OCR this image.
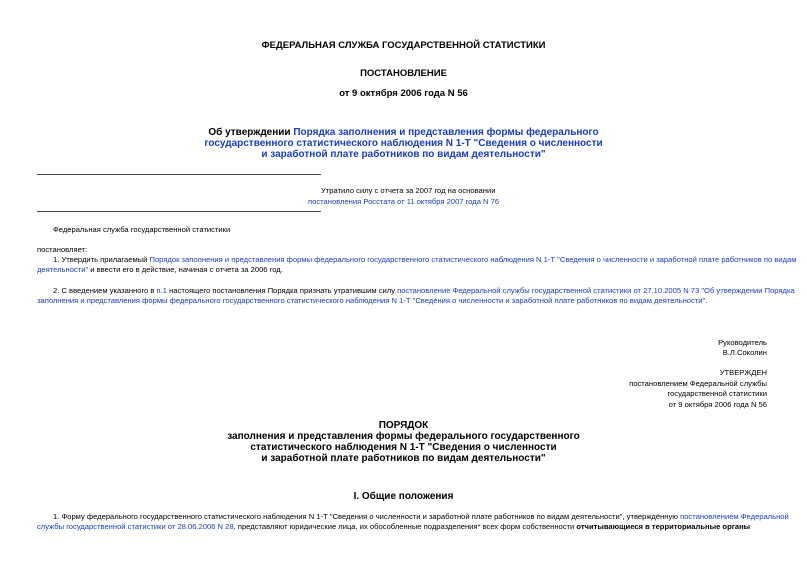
ФЕДЕРАЛЬНАЯ СЛУЖБА ГОСУДАРСТВЕННОЙ СТАТИСТИКИ
ПОСТАНОВЛЕНИЕ
от 9 октября 2006 года N 56
Об утверждении Порядка заполнения и представления формы федерального
государственного статистического наблюдения N 1-Т "Сведения о численности
и заработной плате работников по видам деятельности"
Утратило силу с отчета за 2007 год на основании
постановления Росстата от 11 октября 2007 года N 76
Федеральная служба государственной статистики
постановляет:
1. Утвердить прилагаемый Порядок заполнения и представления формы федерального государственного статистического наблюдения N 1-Т "Сведения о численности и заработной плате работников по видам
деятельности" и ввести его в действие, начиная с отчета за 2006 год.
2. С введением указанного в п.1 настоящего постановления Порядка признать утратившим силу постановление Федеральной службы государственной статистики от 27.10.2005 N 73 "Об утверждении Порядка
заполнения и представления формы федерального государственного статистического наблюдения N 1-Т "Сведения о численности и заработной плате работников по видам деятельности".
Руководитель
В.Л.Соколин
УТВЕРЖДЕН
постановлением Федеральной службы
государственной статистики
от 9 октября 2006 года N 56
ПОРЯДОК
заполнения и представления формы федерального государственного
статистического наблюдения N 1-Т "Сведения о численности
и заработной плате работников по видам деятельности"
I. Общие положения
1. Форму федерального государственного статистического наблюдения N 1-Т "Сведения о численности и заработной плате работников по видам деятельности", утверждённую постановлением Федеральной
службы государственной статистики от 28.06.2006 N 28, представляют юридические лица, их обособленные подразделения* всех форм собственности отчитывающиеся в территориальные органы
